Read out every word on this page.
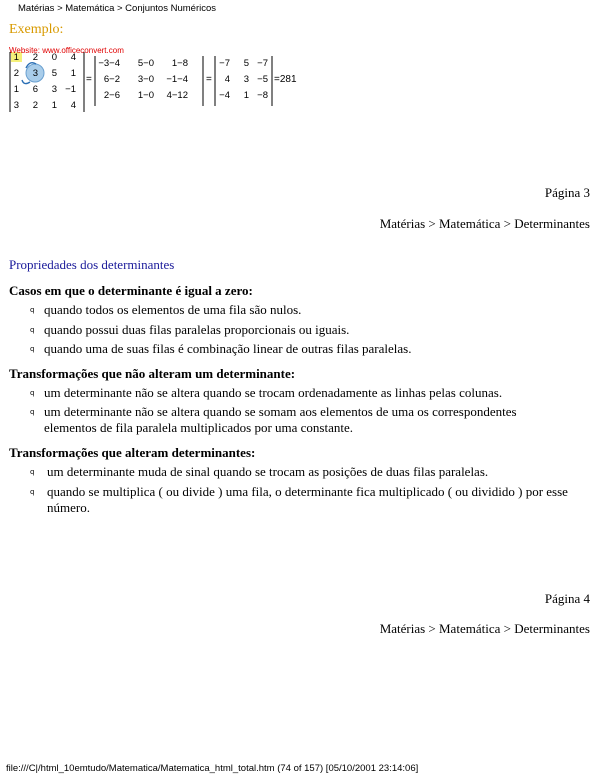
Matérias > Matemática > Conjuntos Numéricos
Exemplo:
1 2 0 4
2 3 5 1
1 6 3 −1
3 2 1 4
=
−3−4 5−0 1−8
6−2 3−0 −1−4
2−6 1−0 4−12
=
−7 5 −7
4 3 −5
−4 1 −8
=281
Website: www.officeconvert.com
Página 3
Matérias > Matemática > Determinantes
Propriedades dos determinantes
Casos em que o determinante é igual a zero:
q quando todos os elementos de uma fila são nulos.
q quando possui duas filas paralelas proporcionais ou iguais.
q quando uma de suas filas é combinação linear de outras filas paralelas.
Transformações que não alteram um determinante:
q um determinante não se altera quando se trocam ordenadamente as linhas pelas colunas.
q um determinante não se altera quando se somam aos elementos de uma os correspondentes elementos de fila paralela multiplicados por uma constante.
Transformações que alteram determinantes:
q um determinante muda de sinal quando se trocam as posições de duas filas paralelas.
q quando se multiplica ( ou divide ) uma fila, o determinante fica multiplicado ( ou dividido ) por esse número.
Página 4
Matérias > Matemática > Determinantes
file:///C|/html_10emtudo/Matematica/Matematica_html_total.htm (74 of 157) [05/10/2001 23:14:06]
